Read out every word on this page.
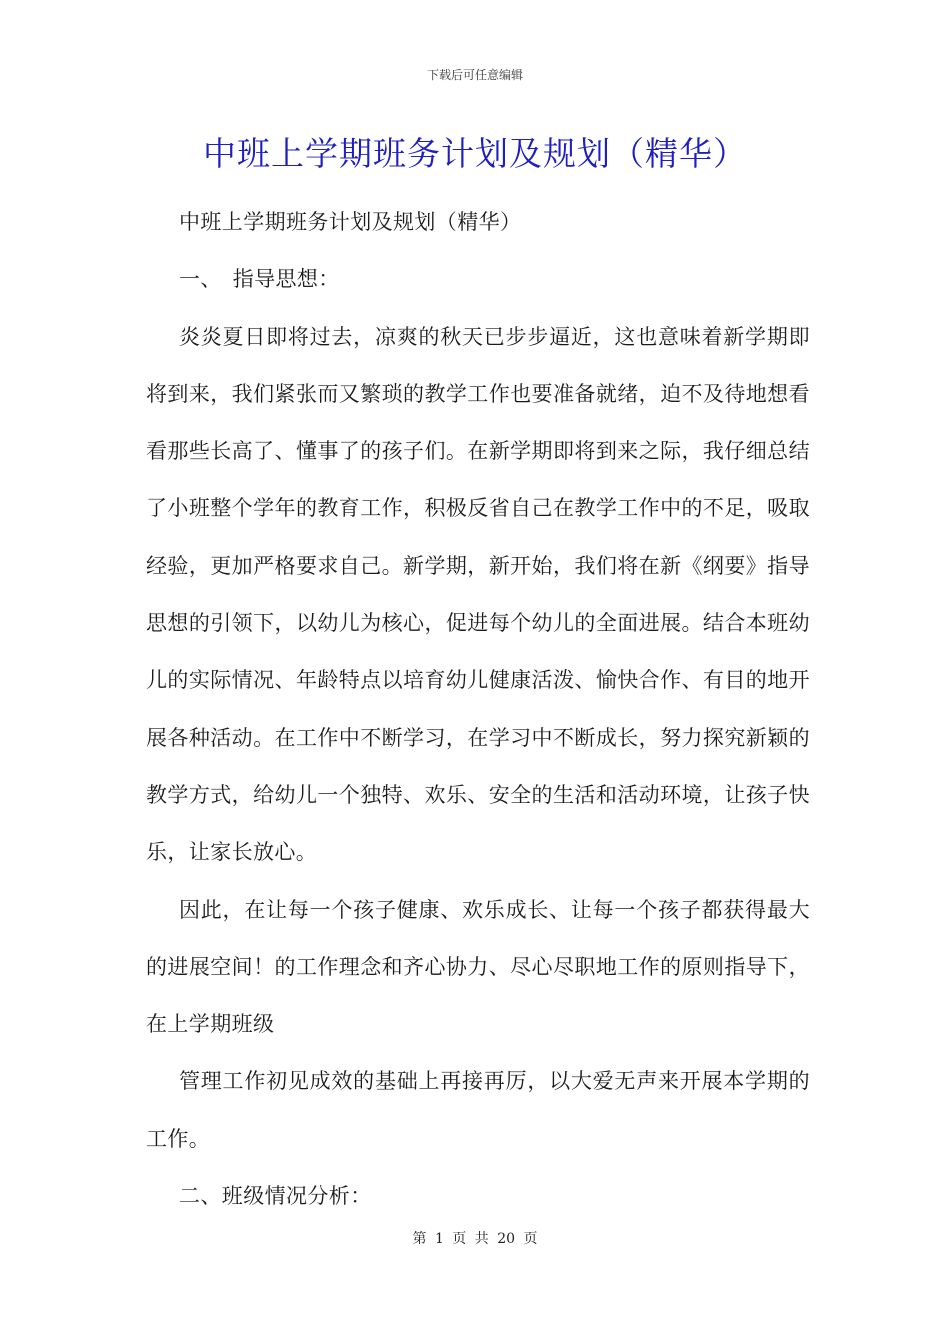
下载后可任意编辑
中班上学期班务计划及规划（精华）

中班上学期班务计划及规划（精华）

一、　指导思想：

炎炎夏日即将过去，凉爽的秋天已步步逼近，这也意味着新学期即将到来，我们紧张而又繁琐的教学工作也要准备就绪，迫不及待地想看看那些长高了、懂事了的孩子们。在新学期即将到来之际，我仔细总结了小班整个学年的教育工作，积极反省自己在教学工作中的不足，吸取经验，更加严格要求自己。新学期，新开始，我们将在新《纲要》指导思想的引领下，以幼儿为核心，促进每个幼儿的全面进展。结合本班幼儿的实际情况、年龄特点以培育幼儿健康活泼、愉快合作、有目的地开展各种活动。在工作中不断学习，在学习中不断成长，努力探究新颖的教学方式，给幼儿一个独特、欢乐、安全的生活和活动环境，让孩子快乐，让家长放心。

因此，在让每一个孩子健康、欢乐成长、让每一个孩子都获得最大的进展空间！的工作理念和齐心协力、尽心尽职地工作的原则指导下，在上学期班级

管理工作初见成效的基础上再接再厉，以大爱无声来开展本学期的工作。

二、班级情况分析：

第 1 页 共 20 页
